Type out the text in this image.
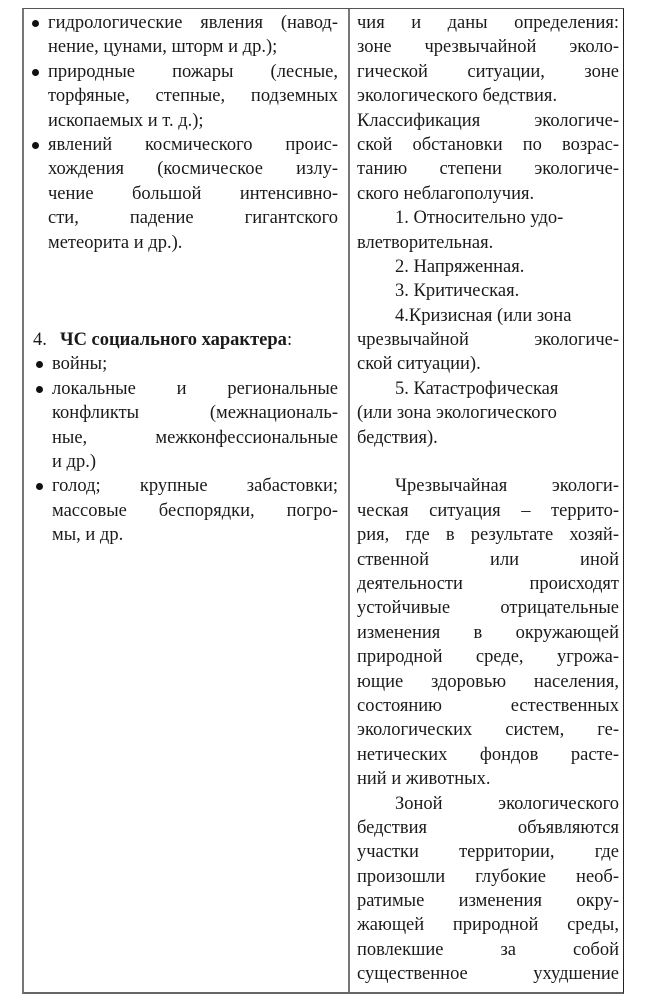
гидрологические явления (навод-
нение, цунами, шторм и др.);
природные пожары (лесные,
торфяные, степные, подземных
ископаемых и т. д.);
явлений космического проис-
хождения (космическое излу-
чение большой интенсивно-
сти, падение гигантского
метеорита и др.).
4. ЧС социального характера:
войны;
локальные и региональные
конфликты (межнациональ-
ные, межконфессиональные
и др.)
голод; крупные забастовки;
массовые беспорядки, погро-
мы, и др.
чия и даны определения:
зоне чрезвычайной эколо-
гической ситуации, зоне
экологического бедствия.
Классификация экологиче-
ской обстановки по возрас-
танию степени экологиче-
ского неблагополучия.
1. Относительно удо-
влетворительная.
2. Напряженная.
3. Критическая.
4.Кризисная (или зона
чрезвычайной экологиче-
ской ситуации).
5. Катастрофическая
(или зона экологического
бедствия).
Чрезвычайная экологи-
ческая ситуация – террито-
рия, где в результате хозяй-
ственной или иной
деятельности происходят
устойчивые отрицательные
изменения в окружающей
природной среде, угрожа-
ющие здоровью населения,
состоянию естественных
экологических систем, ге-
нетических фондов расте-
ний и животных.
Зоной экологического
бедствия объявляются
участки территории, где
произошли глубокие необ-
ратимые изменения окру-
жающей природной среды,
повлекшие за собой
существенное ухудшение
